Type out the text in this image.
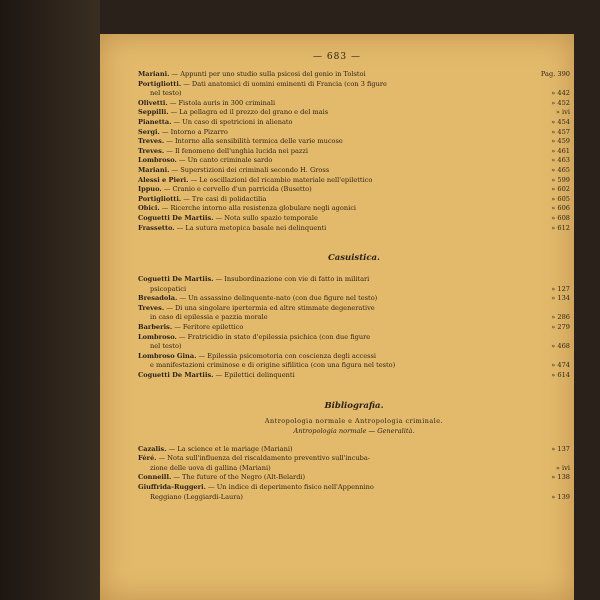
— 683 —
Mariani. — Appunti per uno studio sulla psicosi del genio in Tolstoi	Pag. 390
Portigliotti. — Dati anatomici di uomini eminenti di Francia (con 3 figure
nel testo)	» 442
Olivetti. — Fistola auris in 300 criminali	» 452
Seppilli. — La pellagra ed il prezzo del grano e del mais	» ivi
Pianetta. — Un caso di spetricioni in alienato	» 454
Sergi. — Intorno a Pizarro	» 457
Treves. — Intorno alla sensibilità termica delle varie mucose	» 459
Treves. — Il fenomeno dell'unghia lucida nei pazzi	» 461
Lombroso. — Un canto criminale sardo	» 463
Mariani. — Superstizioni dei criminali secondo H. Gross	» 465
Alessi e Pieri. — Le oscillazioni del ricambio materiale nell'epilettico	» 599
Ippuo. — Cranio e cervello d'un parricida (Busetto)	» 602
Portigliotti. — Tre casi di polidactilia	» 605
Obici. — Ricerche intorno alla resistenza globulare negli agonici	» 606
Coguetti De Martiis. — Nota sullo spazio temporale	» 608
Frassetto. — La sutura metopica basale nei delinquenti	» 612
Casuistica.
Coguetti De Martiis. — Insubordinazione con vie di fatto in militari
psicopatici	» 127
Bresadola. — Un assassino delinquente-nato (con due figure nel testo)	» 134
Treves. — Di una singolare ipertermia ed altre stimmate degenerative
in caso di epilessia e pazzia morale	» 286
Barberis. — Feritore epilettico	» 279
Lombroso. — Fratricidio in stato d'epilessia psichica (con due figure
nel testo)	» 468
Lombroso Gina. — Epilessia psicomotoria con coscienza degli accessi
e manifestazioni criminose e di origine sifilitica (con una figura nel testo)	» 474
Coguetti De Martiis. — Epilettici delinquenti	» 614
Bibliografia.
Antropologia normale e Antropologia criminale.
Antropologia normale — Generalità.
Cazalis. — La science et le mariage (Mariani)	» 137
Féré. — Nota sull'influenza del riscaldamento preventivo sull'incuba-
zione delle uova di gallina (Mariani)	» ivi
Conneill. — The future of the Negro (Alt-Belardi)	» 138
Giuffrida-Ruggeri. — Un indice di deperimento fisico nell'Appennino
Reggiano (Leggiardi-Laura)	» 139
